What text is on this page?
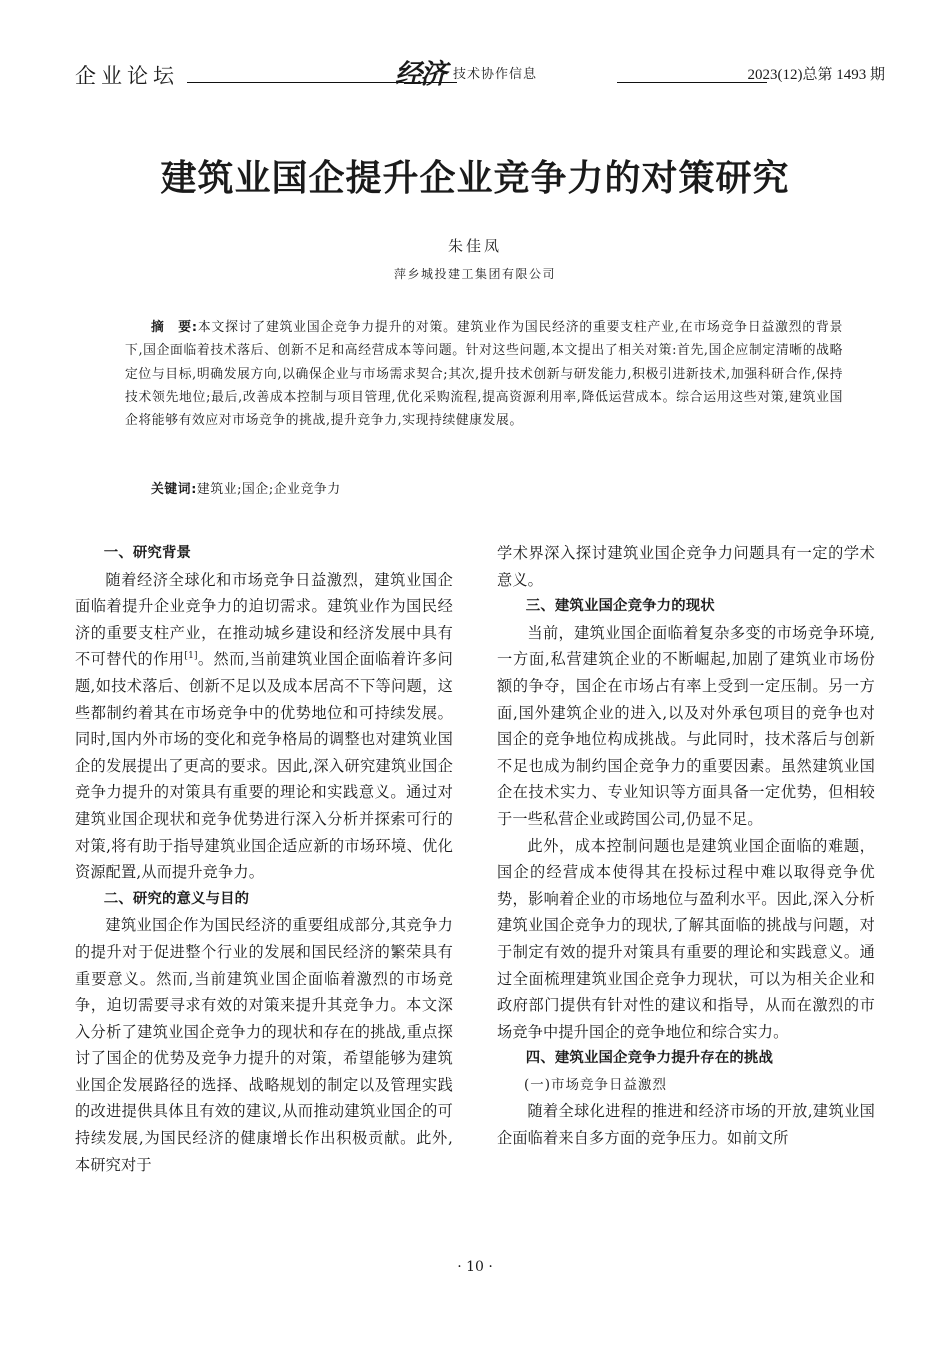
企业论坛	经济 技术协作信息	2023(12)总第 1493 期
建筑业国企提升企业竞争力的对策研究
朱佳凤
萍乡城投建工集团有限公司
摘　要:本文探讨了建筑业国企竞争力提升的对策。建筑业作为国民经济的重要支柱产业,在市场竞争日益激烈的背景下,国企面临着技术落后、创新不足和高经营成本等问题。针对这些问题,本文提出了相关对策:首先,国企应制定清晰的战略定位与目标,明确发展方向,以确保企业与市场需求契合;其次,提升技术创新与研发能力,积极引进新技术,加强科研合作,保持技术领先地位;最后,改善成本控制与项目管理,优化采购流程,提高资源利用率,降低运营成本。综合运用这些对策,建筑业国企将能够有效应对市场竞争的挑战,提升竞争力,实现持续健康发展。
关键词:建筑业;国企;企业竞争力

一、研究背景

随着经济全球化和市场竞争日益激烈，建筑业国企面临着提升企业竞争力的迫切需求。建筑业作为国民经济的重要支柱产业，在推动城乡建设和经济发展中具有不可替代的作用[1]。然而,当前建筑业国企面临着许多问题,如技术落后、创新不足以及成本居高不下等问题，这些都制约着其在市场竞争中的优势地位和可持续发展。同时,国内外市场的变化和竞争格局的调整也对建筑业国企的发展提出了更高的要求。因此,深入研究建筑业国企竞争力提升的对策具有重要的理论和实践意义。通过对建筑业国企现状和竞争优势进行深入分析并探索可行的对策,将有助于指导建筑业国企适应新的市场环境、优化资源配置,从而提升竞争力。

二、研究的意义与目的

建筑业国企作为国民经济的重要组成部分,其竞争力的提升对于促进整个行业的发展和国民经济的繁荣具有重要意义。然而,当前建筑业国企面临着激烈的市场竞争，迫切需要寻求有效的对策来提升其竞争力。本文深入分析了建筑业国企竞争力的现状和存在的挑战,重点探讨了国企的优势及竞争力提升的对策，希望能够为建筑业国企发展路径的选择、战略规划的制定以及管理实践的改进提供具体且有效的建议,从而推动建筑业国企的可持续发展,为国民经济的健康增长作出积极贡献。此外,本研究对于

学术界深入探讨建筑业国企竞争力问题具有一定的学术意义。

三、建筑业国企竞争力的现状

当前，建筑业国企面临着复杂多变的市场竞争环境,一方面,私营建筑企业的不断崛起,加剧了建筑业市场份额的争夺，国企在市场占有率上受到一定压制。另一方面,国外建筑企业的进入,以及对外承包项目的竞争也对国企的竞争地位构成挑战。与此同时，技术落后与创新不足也成为制约国企竞争力的重要因素。虽然建筑业国企在技术实力、专业知识等方面具备一定优势，但相较于一些私营企业或跨国公司,仍显不足。

此外，成本控制问题也是建筑业国企面临的难题，国企的经营成本使得其在投标过程中难以取得竞争优势，影响着企业的市场地位与盈利水平。因此,深入分析建筑业国企竞争力的现状,了解其面临的挑战与问题，对于制定有效的提升对策具有重要的理论和实践意义。通过全面梳理建筑业国企竞争力现状，可以为相关企业和政府部门提供有针对性的建议和指导，从而在激烈的市场竞争中提升国企的竞争地位和综合实力。

四、建筑业国企竞争力提升存在的挑战

(一)市场竞争日益激烈

随着全球化进程的推进和经济市场的开放,建筑业国企面临着来自多方面的竞争压力。如前文所

· 10 ·
